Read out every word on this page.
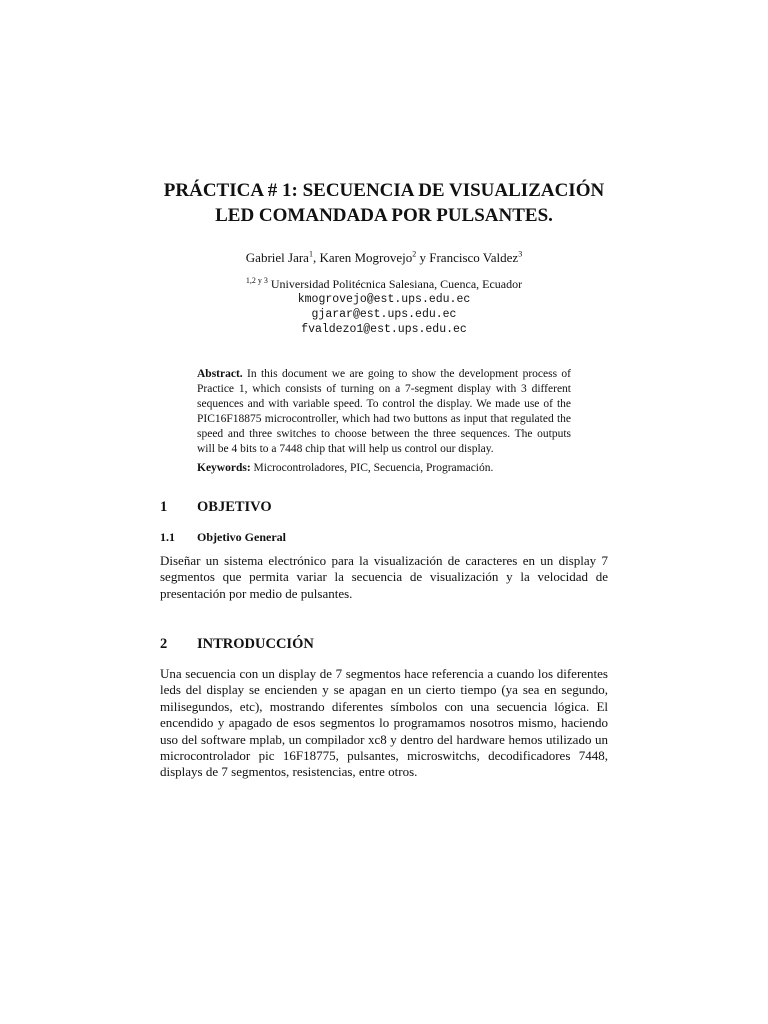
PRÁCTICA # 1: SECUENCIA DE VISUALIZACIÓN
LED COMANDADA POR PULSANTES.
Gabriel Jara$^1$, Karen Mogrovejo$^2$ y Francisco Valdez$^3$
$^{1,2 y 3}$ Universidad Politécnica Salesiana, Cuenca, Ecuador
kmogrovejo@est.ups.edu.ec
gjarar@est.ups.edu.ec
fvaldezo1@est.ups.edu.ec
Abstract. In this document we are going to show the development process of Practice 1, which consists of turning on a 7-segment display with 3 different sequences and with variable speed. To control the display. We made use of the PIC16F18875 microcontroller, which had two buttons as input that regulated the speed and three switches to choose between the three sequences. The outputs will be 4 bits to a 7448 chip that will help us control our display.
Keywords: Microcontroladores, PIC, Secuencia, Programación.
1 OBJETIVO
1.1 Objetivo General
Diseñar un sistema electrónico para la visualización de caracteres en un display 7 segmentos que permita variar la secuencia de visualización y la velocidad de presentación por medio de pulsantes.
2 INTRODUCCIÓN
Una secuencia con un display de 7 segmentos hace referencia a cuando los diferentes leds del display se encienden y se apagan en un cierto tiempo (ya sea en segundo, milisegundos, etc), mostrando diferentes símbolos con una secuencia lógica. El encendido y apagado de esos segmentos lo programamos nosotros mismo, haciendo uso del software mplab, un compilador xc8 y dentro del hardware hemos utilizado un microcontrolador pic 16F18775, pulsantes, microswitchs, decodificadores 7448, displays de 7 segmentos, resistencias, entre otros.
